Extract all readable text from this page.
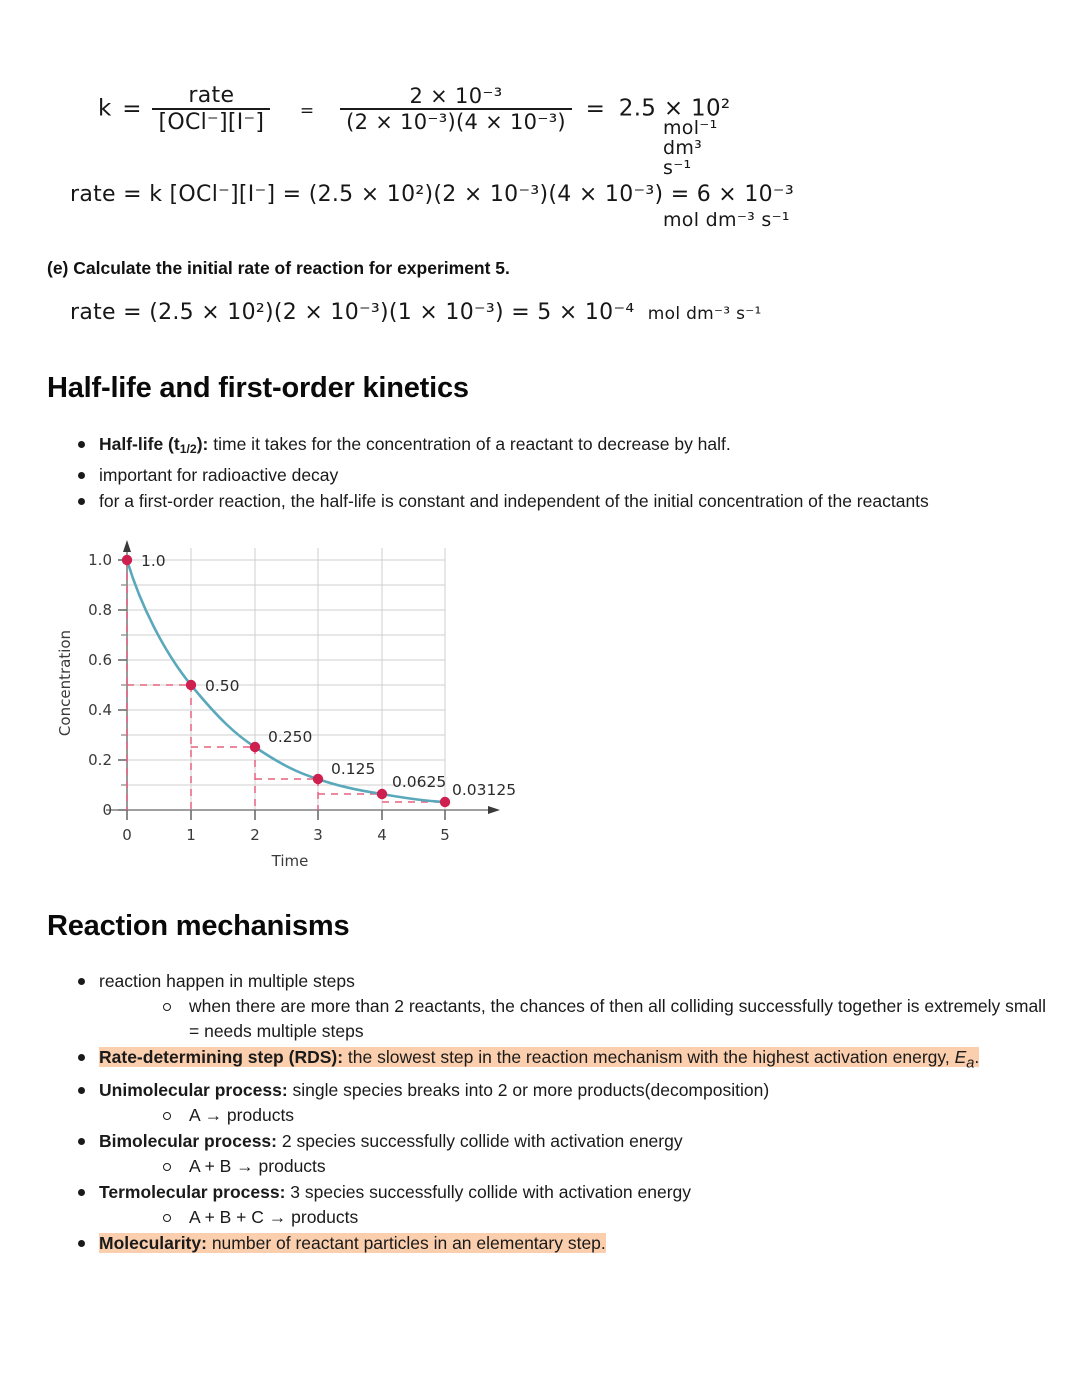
$k = \frac{\text{rate}}{\text{[OCl⁻][I⁻]}} = \frac{\text{2 × 10⁻³}}{\text{(2 × 10⁻³)(4 × 10⁻³)}} = 2.5 \times 10^2$
mol⁻¹ dm³ s⁻¹
rate = k [OCl⁻][I⁻] = (2.5 × 10²)(2 × 10⁻³)(4 × 10⁻³) = 6 × 10⁻³
mol dm⁻³ s⁻¹
(e) Calculate the initial rate of reaction for experiment 5.
rate = (2.5 × 10²)(2 × 10⁻³)(1 × 10⁻³) = 5 × 10⁻⁴ mol dm⁻³ s⁻¹
Half-life and first-order kinetics
Half-life (t1/2): time it takes for the concentration of a reactant to decrease by half.
important for radioactive decay
for a first-order reaction, the half-life is constant and independent of the initial concentration of the reactants
0
0.2
0.4
0.6
0.8
1.0
0	1	2	3	4	5
Time
Concentration
1.0
0.50
0.250
0.125
0.0625 0.03125
Reaction mechanisms
reaction happen in multiple steps
when there are more than 2 reactants, the chances of then all colliding successfully together is extremely small = needs multiple steps
Rate-determining step (RDS): the slowest step in the reaction mechanism with the highest activation energy, $E_a$.
Unimolecular process: single species breaks into 2 or more products(decomposition)
A → products
Bimolecular process: 2 species successfully collide with activation energy
A + B → products
Termolecular process: 3 species successfully collide with activation energy
A + B + C → products
Molecularity: number of reactant particles in an elementary step.
